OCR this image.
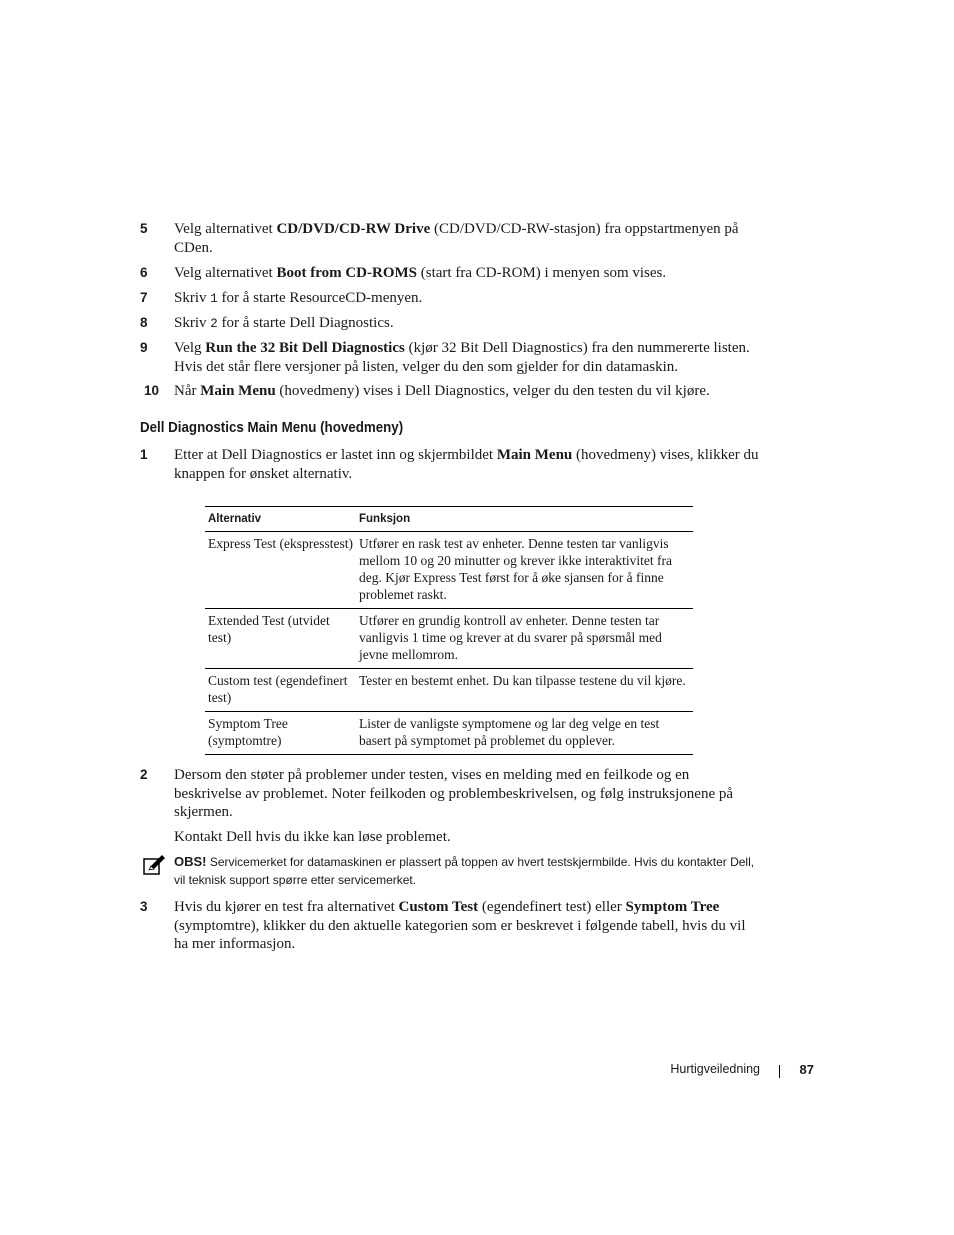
5	Velg alternativet CD/DVD/CD-RW Drive (CD/DVD/CD-RW-stasjon) fra oppstartmenyen på CDen.
6	Velg alternativet Boot from CD-ROMS (start fra CD-ROM) i menyen som vises.
7	Skriv 1 for å starte ResourceCD-menyen.
8	Skriv 2 for å starte Dell Diagnostics.
9	Velg Run the 32 Bit Dell Diagnostics (kjør 32 Bit Dell Diagnostics) fra den nummererte listen. Hvis det står flere versjoner på listen, velger du den som gjelder for din datamaskin.
10 Når Main Menu (hovedmeny) vises i Dell Diagnostics, velger du den testen du vil kjøre.
Dell Diagnostics Main Menu (hovedmeny)
1	Etter at Dell Diagnostics er lastet inn og skjermbildet Main Menu (hovedmeny) vises, klikker du knappen for ønsket alternativ.
Alternativ	Funksjon
Express Test (ekspresstest)	Utfører en rask test av enheter. Denne testen tar vanligvis mellom 10 og 20 minutter og krever ikke interaktivitet fra deg. Kjør Express Test først for å øke sjansen for å finne problemet raskt.
Extended Test (utvidet test)	Utfører en grundig kontroll av enheter. Denne testen tar vanligvis 1 time og krever at du svarer på spørsmål med jevne mellomrom.
Custom test (egendefinert test)	Tester en bestemt enhet. Du kan tilpasse testene du vil kjøre.
Symptom Tree (symptomtre)	Lister de vanligste symptomene og lar deg velge en test basert på symptomet på problemet du opplever.
2	Dersom den støter på problemer under testen, vises en melding med en feilkode og en beskrivelse av problemet. Noter feilkoden og problembeskrivelsen, og følg instruksjonene på skjermen.
Kontakt Dell hvis du ikke kan løse problemet.
OBS! Servicemerket for datamaskinen er plassert på toppen av hvert testskjermbilde. Hvis du kontakter Dell, vil teknisk support spørre etter servicemerket.
3	Hvis du kjører en test fra alternativet Custom Test (egendefinert test) eller Symptom Tree (symptomtre), klikker du den aktuelle kategorien som er beskrevet i følgende tabell, hvis du vil ha mer informasjon.
Hurtigveiledning	87
